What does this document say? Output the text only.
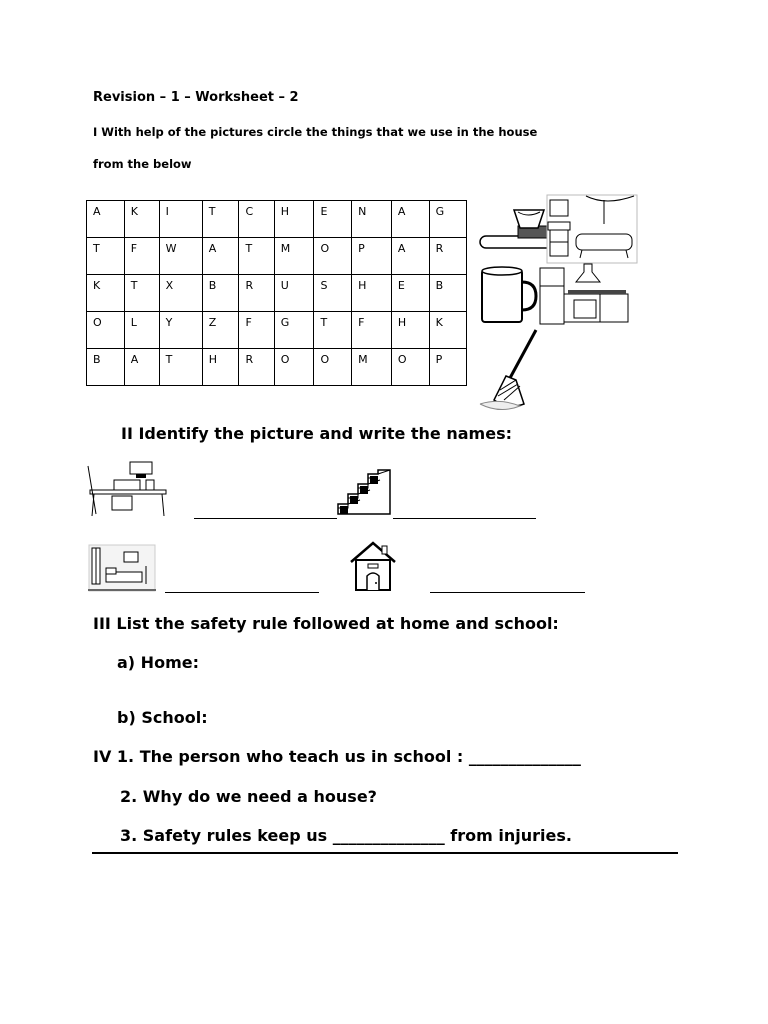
Revision – 1 – Worksheet – 2
I With help of the pictures circle the things that we use in the house
from the below
A	K	I	T	C	H	E	N	A	G
T	F	W	A	T	M	O	P	A	R
K	T	X	B	R	U	S	H	E	B
O	L	Y	Z	F	G	T	F	H	K
B	A	T	H	R	O	O	M	O	P
II Identify the picture and write the names:
III List the safety rule followed at home and school:
a) Home:
b) School:
IV 1. The person who teach us in school : ______________
2. Why do we need a house?
3. Safety rules keep us ______________ from injuries.
